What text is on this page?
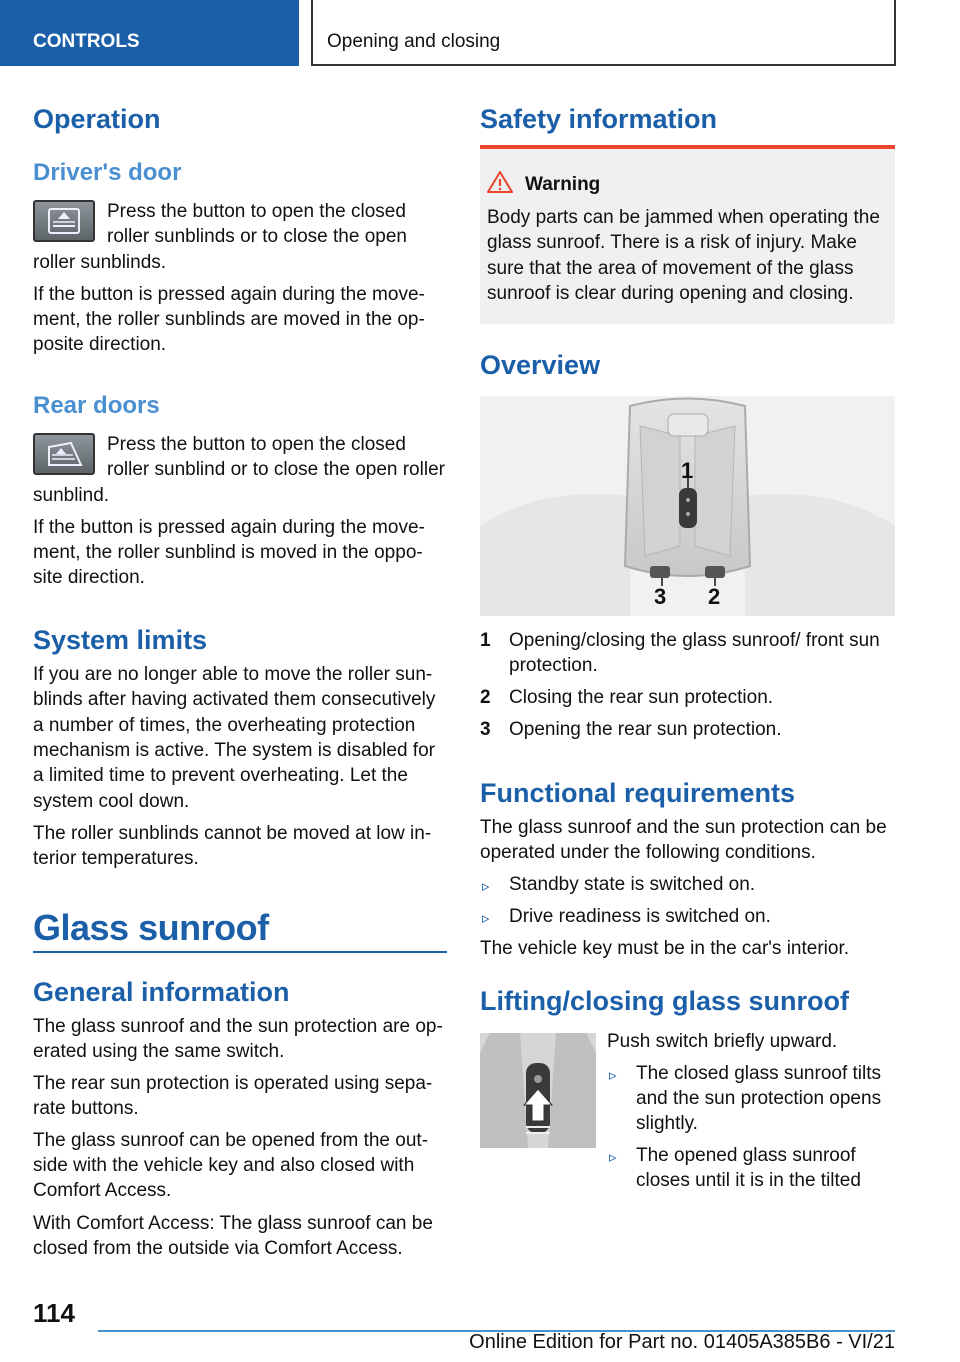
CONTROLS	Opening and closing
Operation
Driver's door

Press the button to open the closed

roller sunblinds or to close the open

roller sunblinds.

If the button is pressed again during the move‐

ment, the roller sunblinds are moved in the op‐

posite direction.

Rear doors

Press the button to open the closed

roller sunblind or to close the open roller

sunblind.

If the button is pressed again during the move‐

ment, the roller sunblind is moved in the oppo‐

site direction.

System limits

If you are no longer able to move the roller sun‐

blinds after having activated them consecutively

a number of times, the overheating protection

mechanism is active. The system is disabled for

a limited time to prevent overheating. Let the

system cool down.

The roller sunblinds cannot be moved at low in‐

terior temperatures.

Glass sunroof
General information

The glass sunroof and the sun protection are op‐

erated using the same switch.

The rear sun protection is operated using sepa‐

rate buttons.

The glass sunroof can be opened from the out‐

side with the vehicle key and also closed with

Comfort Access.

With Comfort Access: The glass sunroof can be

closed from the outside via Comfort Access.

Safety information
Warning

Body parts can be jammed when operating the

glass sunroof. There is a risk of injury. Make

sure that the area of movement of the glass

sunroof is clear during opening and closing.

Overview
1
3 2
1 Opening/closing the glass sunroof/ front sun

protection.

2 Closing the rear sun protection.

3 Opening the rear sun protection.

Functional requirements

The glass sunroof and the sun protection can be

operated under the following conditions.

▹ Standby state is switched on.

▹ Drive readiness is switched on.

The vehicle key must be in the car's interior.

Lifting/closing glass sunroof

Push switch briefly upward.

▹ The closed glass sunroof tilts

and the sun protection opens

slightly.

▹ The opened glass sunroof

closes until it is in the tilted

114
Online Edition for Part no. 01405A385B6 - VI/21
